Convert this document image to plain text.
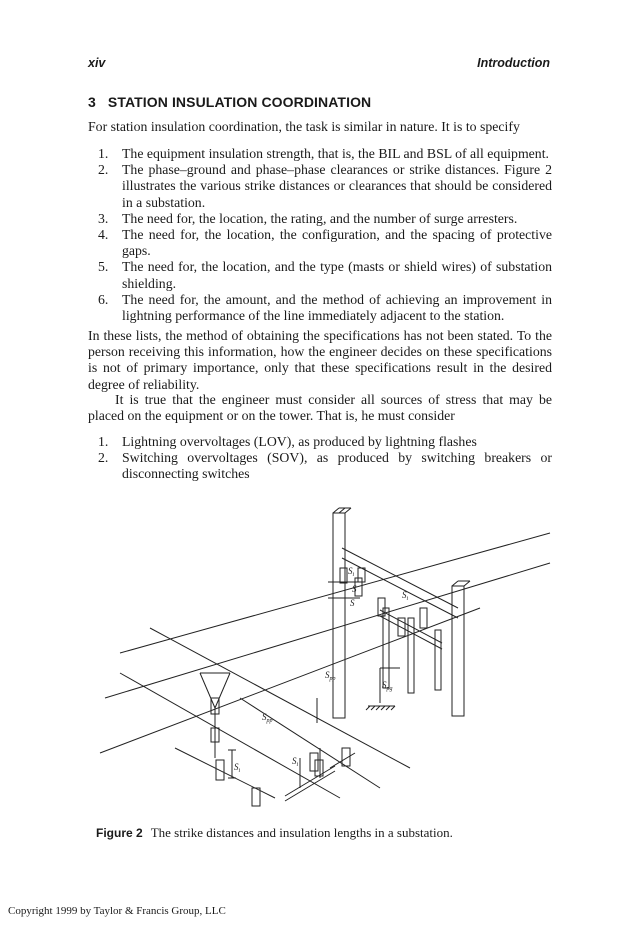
xiv	Introduction
3 STATION INSULATION COORDINATION
For station insulation coordination, the task is similar in nature. It is to specify
1. The equipment insulation strength, that is, the BIL and BSL of all equipment.
2. The phase–ground and phase–phase clearances or strike distances. Figure 2 illustrates the various strike distances or clearances that should be considered in a substation.
3. The need for, the location, the rating, and the number of surge arresters.
4. The need for, the location, the configuration, and the spacing of protective gaps.
5. The need for, the location, and the type (masts or shield wires) of substation shielding.
6. The need for, the amount, and the method of achieving an improvement in lightning performance of the line immediately adjacent to the station.
In these lists, the method of obtaining the specifications has not been stated. To the person receiving this information, how the engineer decides on these specifications is not of primary importance, only that these specifications result in the desired degree of reliability.
It is true that the engineer must consider all sources of stress that may be placed on the equipment or on the tower. That is, he must consider
1. Lightning overvoltages (LOV), as produced by lightning flashes
2. Switching overvoltages (SOV), as produced by switching breakers or disconnecting switches
$S_i$
S
S
$S_i$
$S_{pp}$
$S_{pp}$
$S_{pg}$
$S_i$
$S_i$
Figure 2 The strike distances and insulation lengths in a substation.
Copyright 1999 by Taylor & Francis Group, LLC
